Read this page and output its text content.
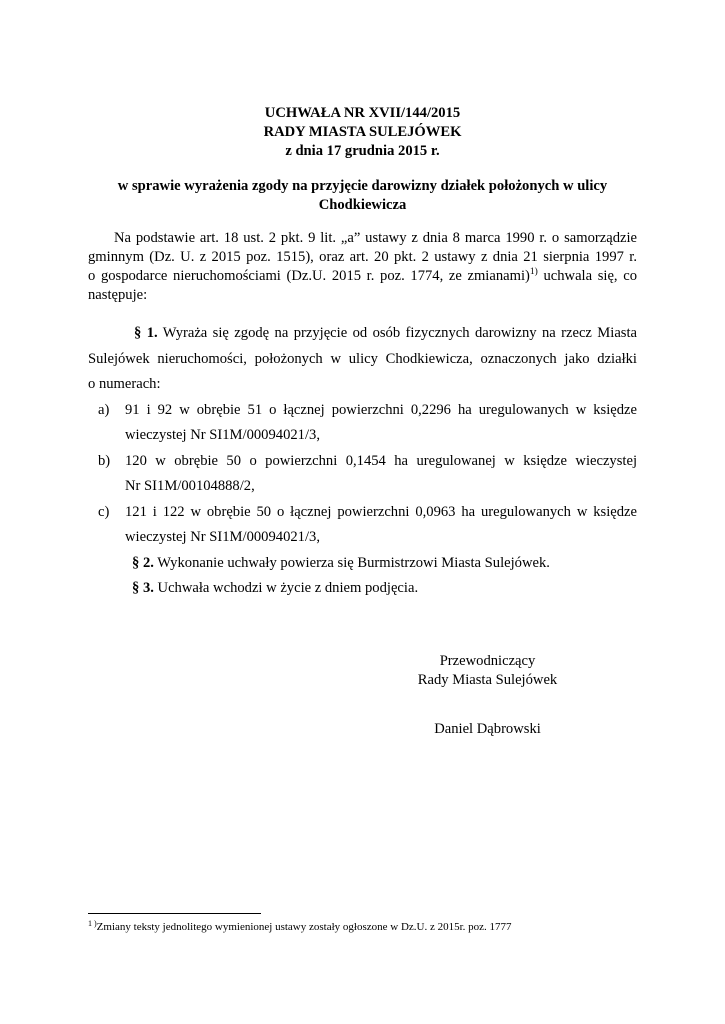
UCHWAŁA NR XVII/144/2015
RADY MIASTA SULEJÓWEK
z dnia 17 grudnia 2015 r.
w sprawie wyrażenia zgody na przyjęcie darowizny działek położonych w ulicy
Chodkiewicza
Na podstawie art. 18 ust. 2 pkt. 9 lit. „a” ustawy z dnia 8 marca 1990 r. o samorządzie
gminnym (Dz. U. z 2015 poz. 1515), oraz art. 20 pkt. 2 ustawy z dnia 21 sierpnia 1997 r.
o gospodarce nieruchomościami (Dz.U. 2015 r. poz. 1774, ze zmianami)$^{1)}$ uchwala się, co
następuje:
§ 1. Wyraża się zgodę na przyjęcie od osób fizycznych darowizny na rzecz Miasta
Sulejówek nieruchomości, położonych w ulicy Chodkiewicza, oznaczonych jako działki
o numerach:
a) 91 i 92 w obrębie 51 o łącznej powierzchni 0,2296 ha uregulowanych w księdze
wieczystej Nr SI1M/00094021/3,
b) 120 w obrębie 50 o powierzchni 0,1454 ha uregulowanej w księdze wieczystej
Nr SI1M/00104888/2,
c) 121 i 122 w obrębie 50 o łącznej powierzchni 0,0963 ha uregulowanych w księdze
wieczystej Nr SI1M/00094021/3,
§ 2. Wykonanie uchwały powierza się Burmistrzowi Miasta Sulejówek.
§ 3. Uchwała wchodzi w życie z dniem podjęcia.
Przewodniczący
Rady Miasta Sulejówek
Daniel Dąbrowski
$^{1 )}$Zmiany teksty jednolitego wymienionej ustawy zostały ogłoszone w Dz.U. z 2015r. poz. 1777
